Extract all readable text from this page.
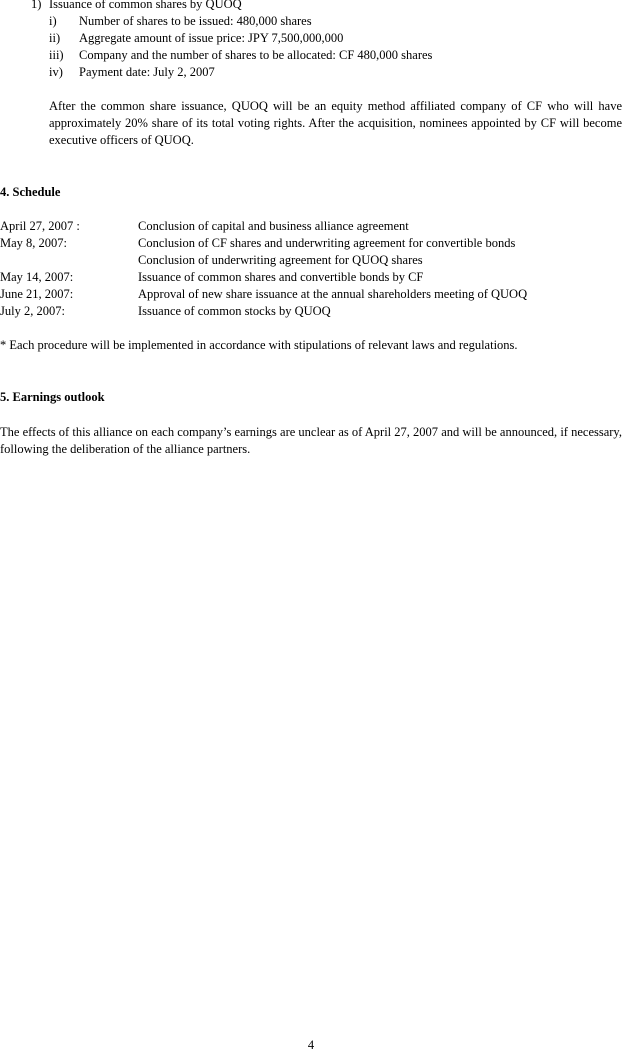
1) Issuance of common shares by QUOQ
i) Number of shares to be issued: 480,000 shares
ii) Aggregate amount of issue price: JPY 7,500,000,000
iii) Company and the number of shares to be allocated: CF 480,000 shares
iv) Payment date: July 2, 2007
After the common share issuance, QUOQ will be an equity method affiliated company of CF who will have approximately 20% share of its total voting rights. After the acquisition, nominees appointed by CF will become executive officers of QUOQ.
4. Schedule
April 27, 2007 :	Conclusion of capital and business alliance agreement
May 8, 2007:	Conclusion of CF shares and underwriting agreement for convertible bonds
Conclusion of underwriting agreement for QUOQ shares
May 14, 2007:	Issuance of common shares and convertible bonds by CF
June 21, 2007:	Approval of new share issuance at the annual shareholders meeting of QUOQ
July 2, 2007:	Issuance of common stocks by QUOQ
* Each procedure will be implemented in accordance with stipulations of relevant laws and regulations.
5. Earnings outlook
The effects of this alliance on each company’s earnings are unclear as of April 27, 2007 and will be announced, if necessary, following the deliberation of the alliance partners.
4
